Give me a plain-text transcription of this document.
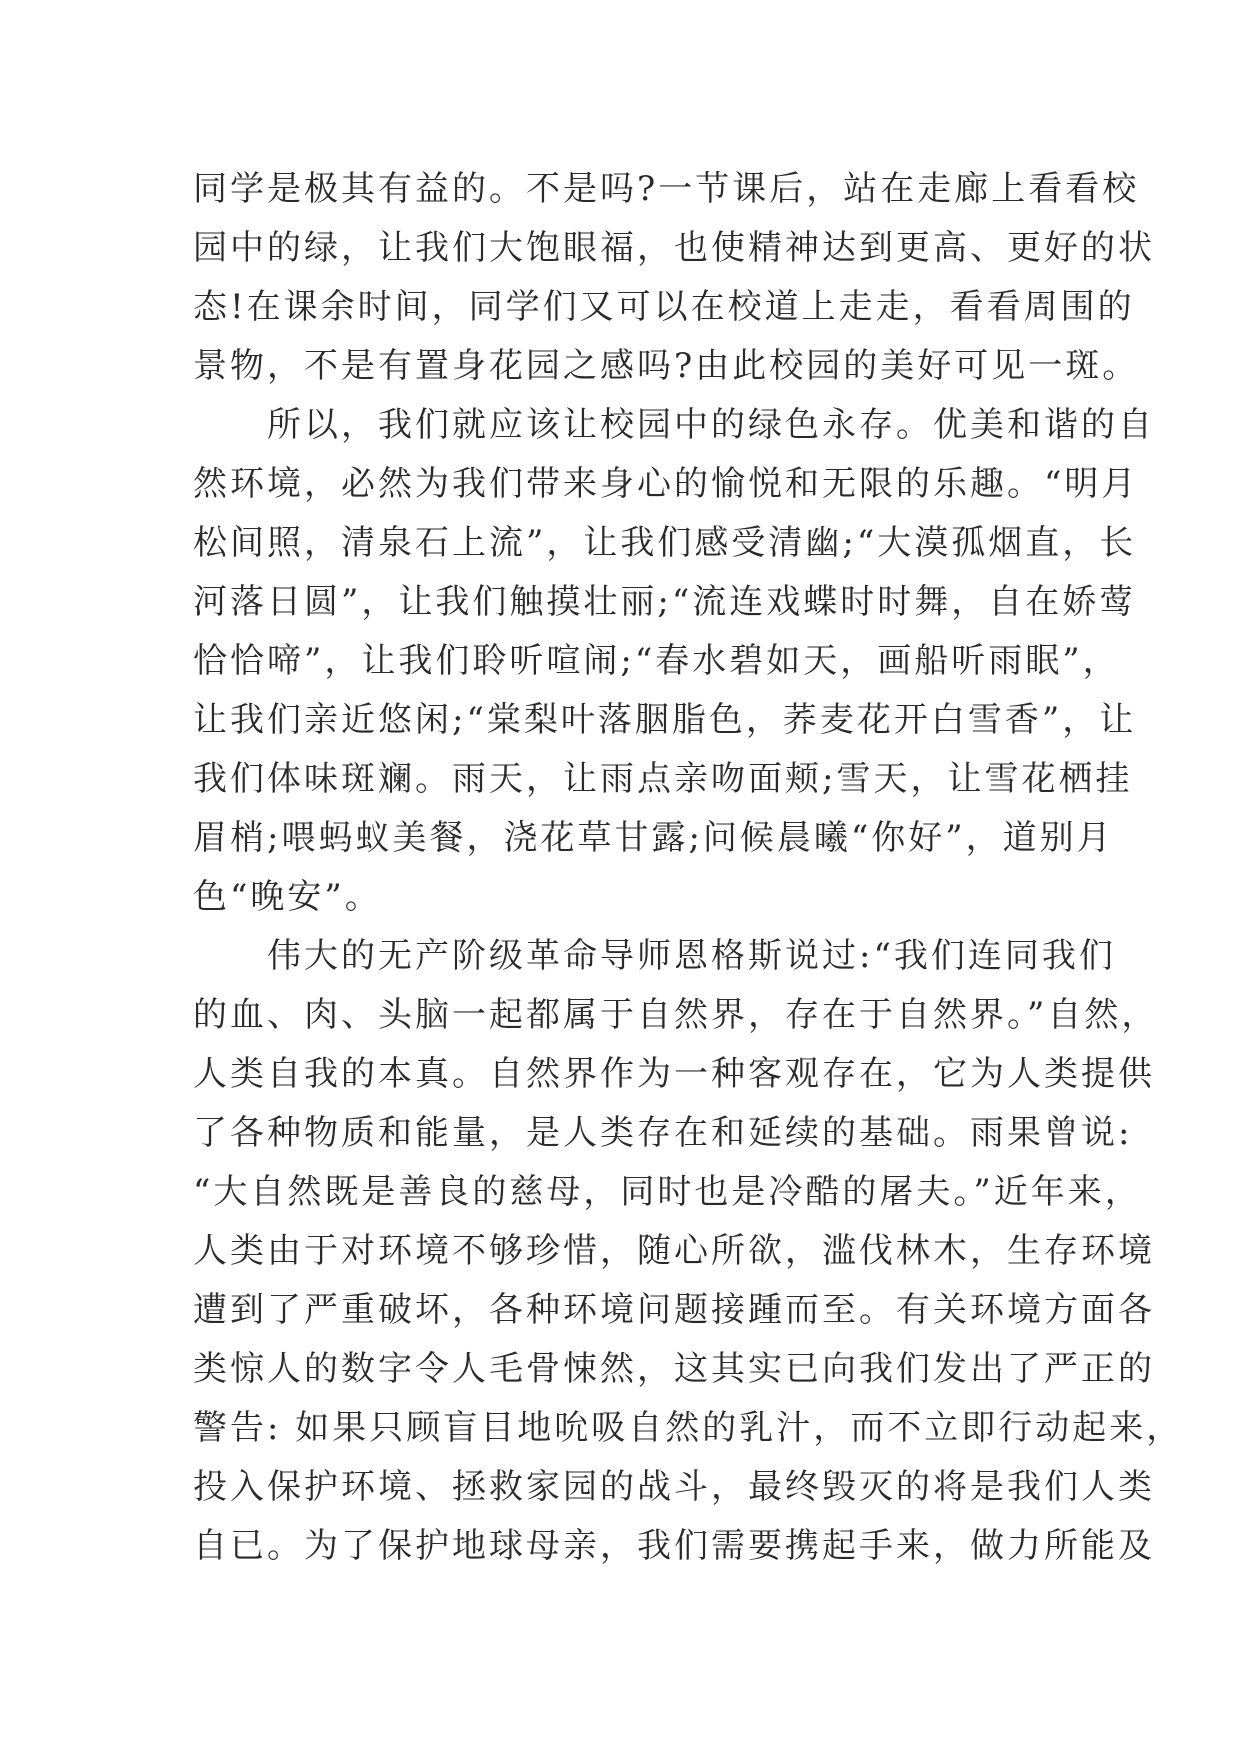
同学是极其有益的。不是吗?一节课后，站在走廊上看看校
园中的绿，让我们大饱眼福，也使精神达到更高、更好的状
态!在课余时间，同学们又可以在校道上走走，看看周围的
景物，不是有置身花园之感吗?由此校园的美好可见一斑。
　　所以，我们就应该让校园中的绿色永存。优美和谐的自
然环境，必然为我们带来身心的愉悦和无限的乐趣。“明月
松间照，清泉石上流”，让我们感受清幽;“大漠孤烟直，长
河落日圆”，让我们触摸壮丽;“流连戏蝶时时舞，自在娇莺
恰恰啼”，让我们聆听喧闹;“春水碧如天，画船听雨眠”，
让我们亲近悠闲;“棠梨叶落胭脂色，荞麦花开白雪香”，让
我们体味斑斓。雨天，让雨点亲吻面颊;雪天，让雪花栖挂
眉梢;喂蚂蚁美餐，浇花草甘露;问候晨曦“你好”，道别月
色“晚安”。
　　伟大的无产阶级革命导师恩格斯说过:“我们连同我们
的血、肉、头脑一起都属于自然界，存在于自然界。”自然，
人类自我的本真。自然界作为一种客观存在，它为人类提供
了各种物质和能量，是人类存在和延续的基础。雨果曾说:
“大自然既是善良的慈母，同时也是冷酷的屠夫。”近年来，
人类由于对环境不够珍惜，随心所欲，滥伐林木，生存环境
遭到了严重破坏，各种环境问题接踵而至。有关环境方面各
类惊人的数字令人毛骨悚然，这其实已向我们发出了严正的
警告: 如果只顾盲目地吮吸自然的乳汁，而不立即行动起来，
投入保护环境、拯救家园的战斗，最终毁灭的将是我们人类
自已。为了保护地球母亲，我们需要携起手来，做力所能及
